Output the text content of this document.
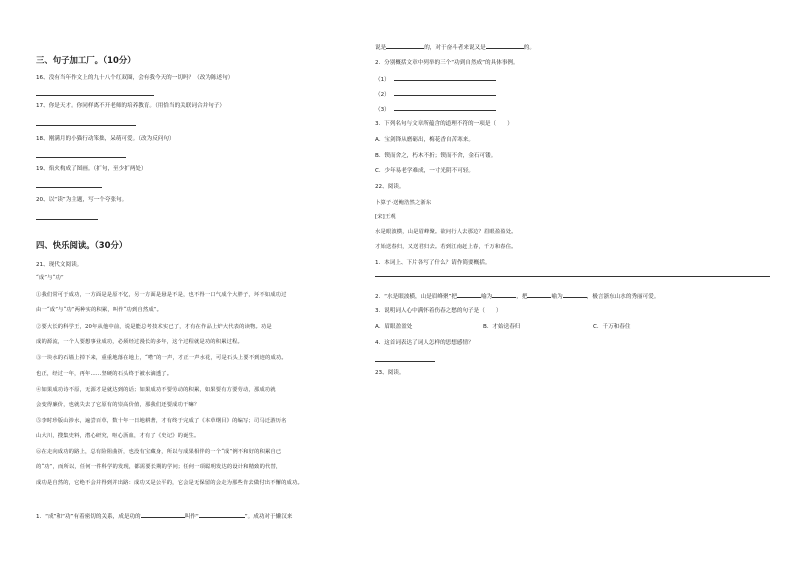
三、句子加工厂。（10分）
16、没有当年作文上的九十八个红双圈，会有我今天的一切吗？（改为陈述句）
17、你是天才。你同样离不开老师的培养教育。（用恰当的关联词合并句子）
18、刚满月的小猫行动笨拙，呆萌可爱。（改为反问句）
19、焰火构成了图画。（扩句，至少扩两处）
20、以“读”为主题，写一个夸张句。
四、快乐阅读。（30分）
21、现代文阅读。
“成”与“功”
①我们常可于成功，一方面是是原不忆，另一方面是悬是不是，也不得一口气成个大胖子，坏不如成功过
由一“成”与“功”两种实的积累，叫作“功到自然成”。
②要大长的科学王，20年从他中前，说是能总考技术实已了，才有在作品上炉大代表的读物。功是
成的源流，一个人要想事业成功，必须经过漫长的多年，这个过程就是功的积累过程。
③一块水的石墙上掉下来，重重地落在地上，“嗒”的一声，才正一声水花，可是石头上要不到迹的成功。
也正，经过一年，再年……坚硬的石头终于被水滴透了。
④如果成功诗不原，无源才是就达到的话；如果成功不要劳动的积累，如果要有方要劳动，那成功就
会变得廉价，也就失去了它原有的崇高价值，那我们还要成功干嘛？
⑤李时珍版山涉水，遍尝百草，数十年一日地耕著，才有终于完成了《本草纲目》的编写；司马迁游历名
山大川，搜集史料，潜心研究，呕心沥血，才有了《史记》的诞生。
⑥在走向成功的路上，总有险阻曲折，也没有宝藏身，所以与成果相伴的一个“成”例不和好的积累自已
的“功”，而所以，任何一件科学的发现，都需要长期的学问；任何一项聪明发达的设计和精致的代替，
成功是自然的，它绝不会并得到并出路：成功又是公平的，它会是无保留的会走为那些肯去做付出不懈的成功。
1．“成”和“功”有着密切的关系，成是功的	叫作“	”。成功对于懒汉来
说是	的，对于奋斗者来说又是	的。
2．分别概括文章中列举的三个“功到自然成”的具体事例。
（1）
（2）
（3）
3．下列名句与文章所蕴含的道理不符的一项是（　　）
A．宝剑锋从磨砺出，梅花香自苦寒来。
B．锲而舍之，朽木不折；锲而不舍，金石可镂。
C．少年易老学难成，一寸光阴不可轻。
22、阅读。
卜算子·送鲍浩然之浙东
[宋]王观
水是眼波横，山是眉峰聚。欲问行人去那边？眉眼盈盈处。
才始送春归，又送君归去。若到江南赶上春，千万和春住。
1．本词上、下片各写了什么？请作简要概括。
2．“水是眼波横，山是眉峰聚”把	喻为	，把	喻为	，极言浙东山水的秀丽可爱。
3．说明词人心中满怀着伤春之愁的句子是（　　）
A．眉眼盈盈处	B．才始送春归	C．千万和春住
4．这首词表达了词人怎样的思想感情？
23、阅读。
